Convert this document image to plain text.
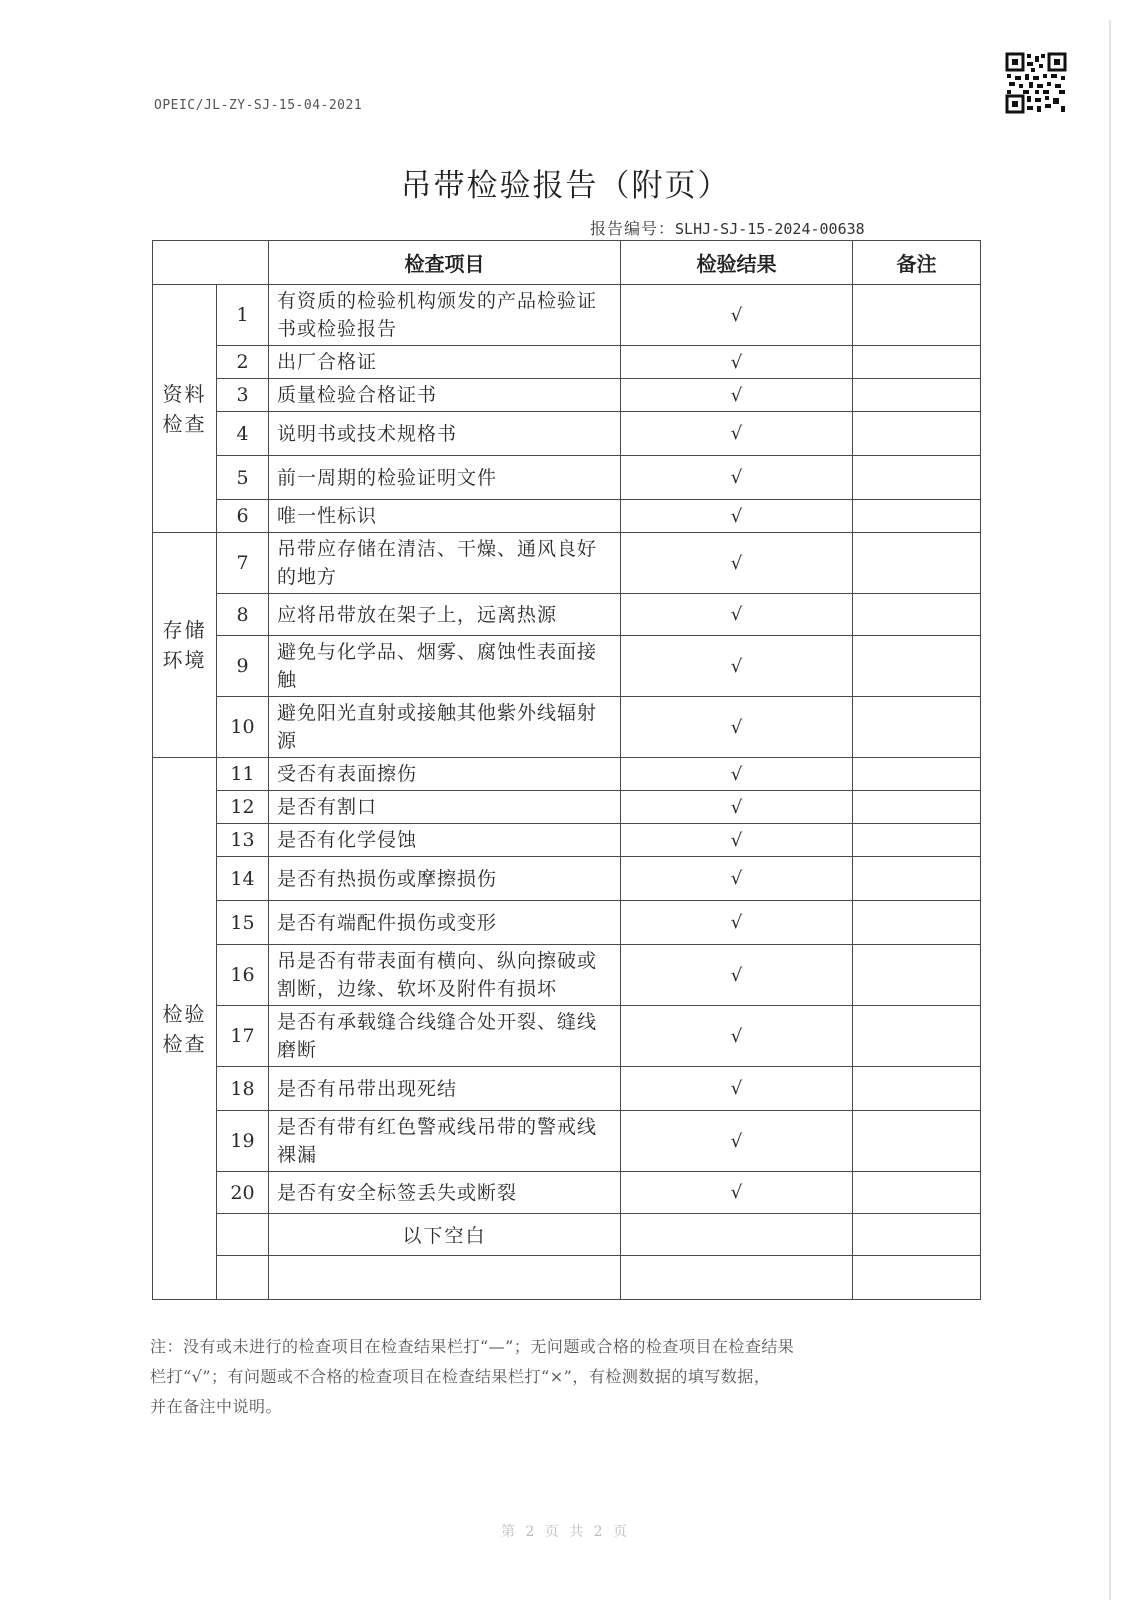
OPEIC/JL-ZY-SJ-15-04-2021
吊带检验报告（附页）
报告编号：SLHJ-SJ-15-2024-00638
		检查项目	检验结果	备注
资料检查	1	有资质的检验机构颁发的产品检验证书或检验报告	√	
	2	出厂合格证	√	
	3	质量检验合格证书	√	
	4	说明书或技术规格书	√	
	5	前一周期的检验证明文件	√	
	6	唯一性标识	√	
存储环境	7	吊带应存储在清洁、干燥、通风良好的地方	√	
	8	应将吊带放在架子上，远离热源	√	
	9	避免与化学品、烟雾、腐蚀性表面接触	√	
	10	避免阳光直射或接触其他紫外线辐射源	√	
检验检查	11	受否有表面擦伤	√	
	12	是否有割口	√	
	13	是否有化学侵蚀	√	
	14	是否有热损伤或摩擦损伤	√	
	15	是否有端配件损伤或变形	√	
	16	吊是否有带表面有横向、纵向擦破或割断，边缘、软坏及附件有损坏	√	
	17	是否有承载缝合线缝合处开裂、缝线磨断	√	
	18	是否有吊带出现死结	√	
	19	是否有带有红色警戒线吊带的警戒线裸漏	√	
	20	是否有安全标签丢失或断裂	√	
		以下空白		

注：没有或未进行的检查项目在检查结果栏打“—”；无问题或合格的检查项目在检查结果
栏打“√”；有问题或不合格的检查项目在检查结果栏打“×”，有检测数据的填写数据，
并在备注中说明。
第 2 页 共 2 页
